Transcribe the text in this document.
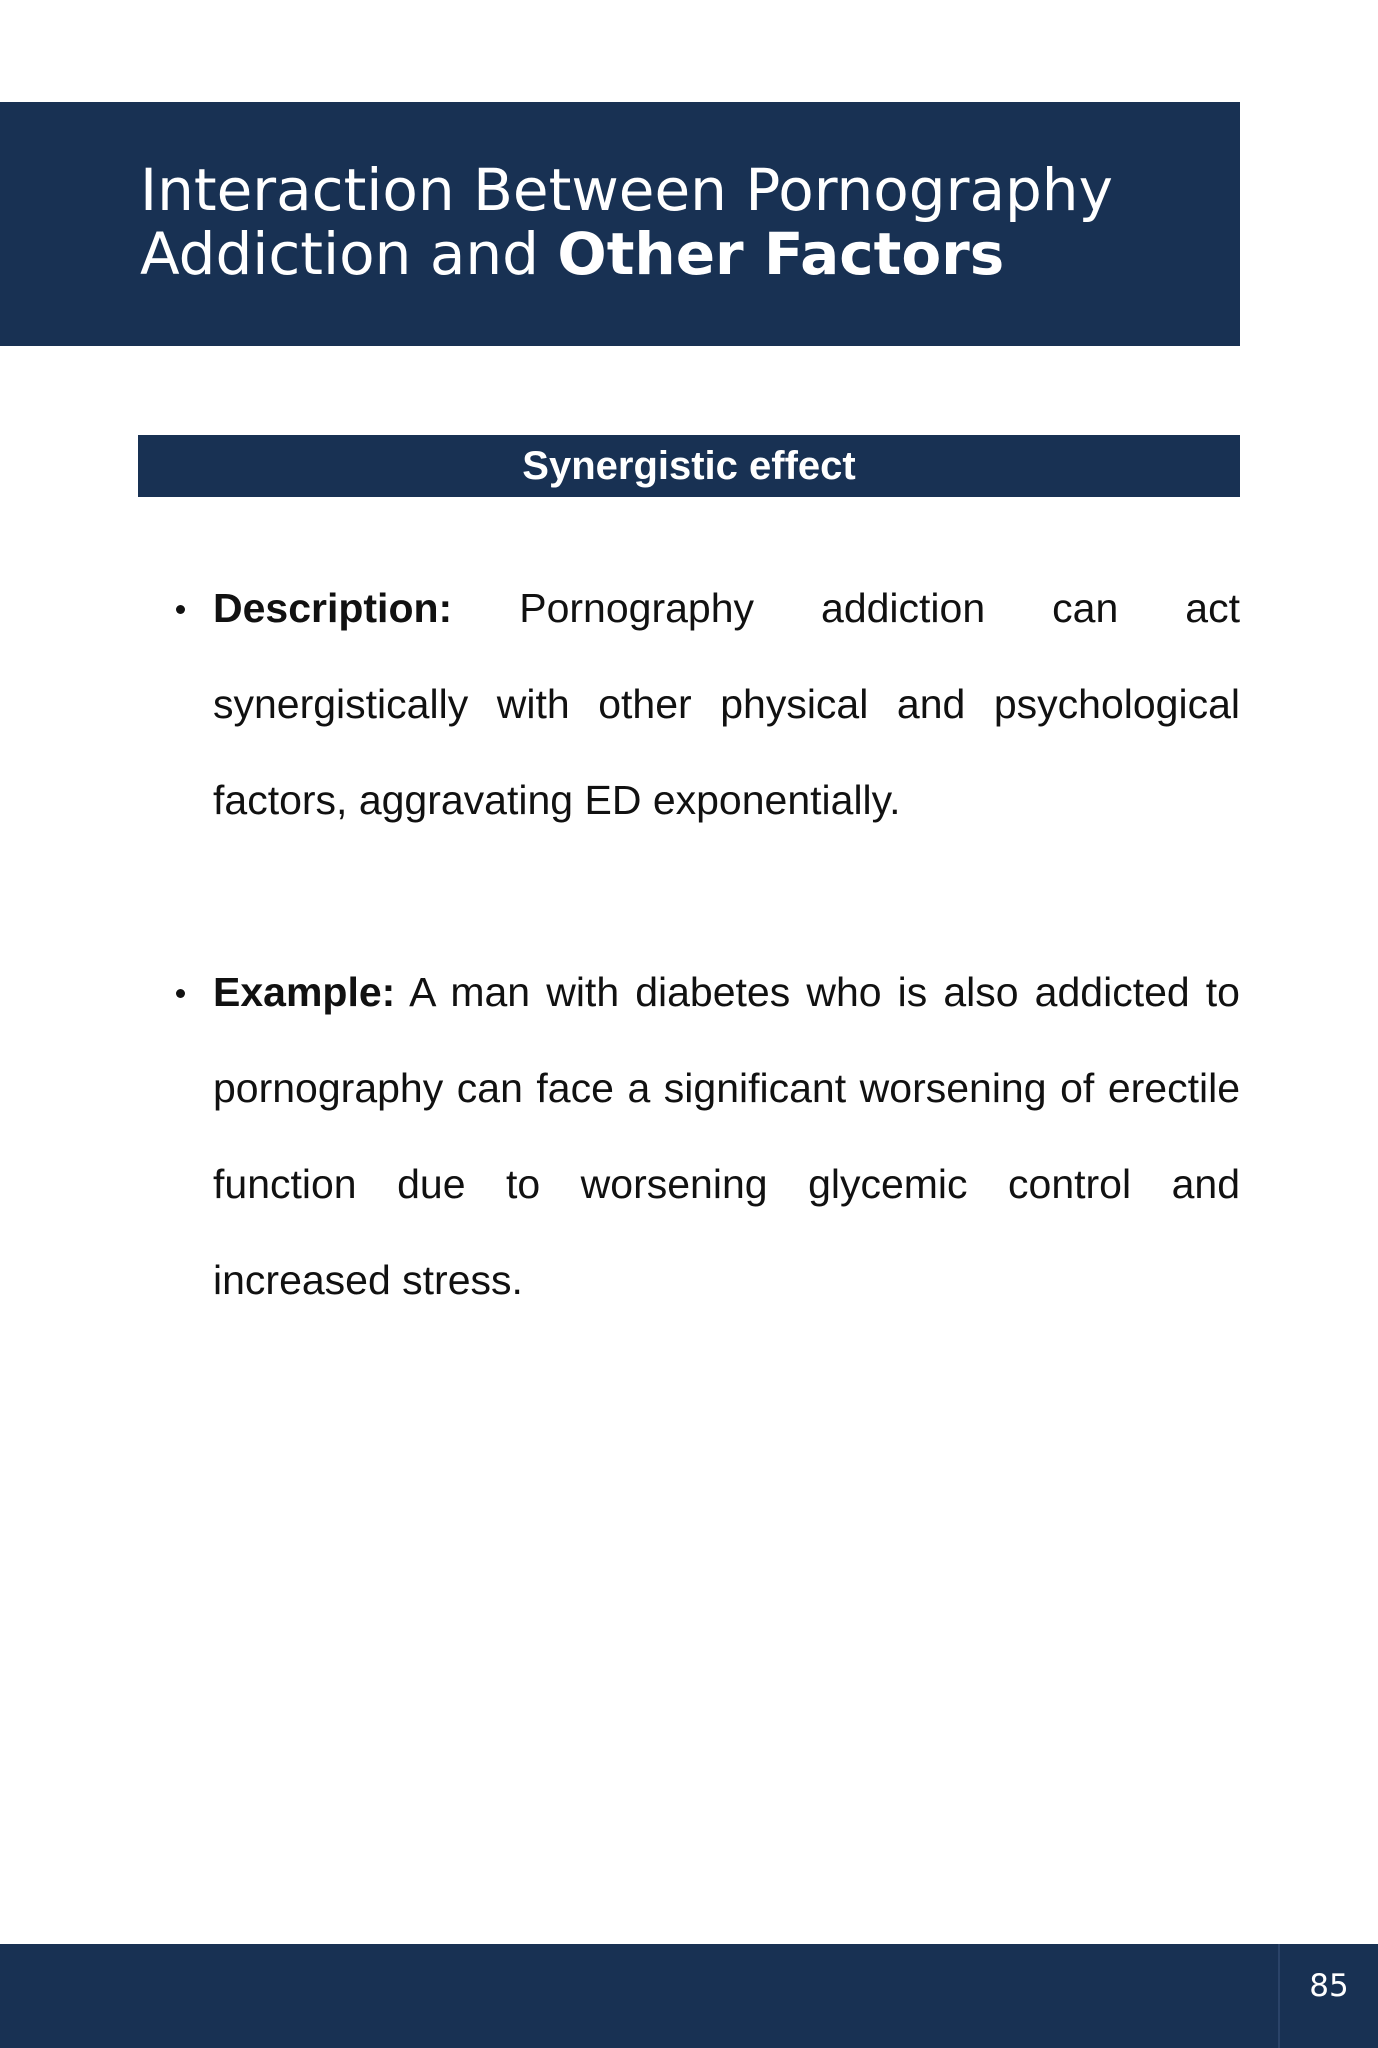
Interaction Between Pornography
Addiction and Other Factors
Synergistic effect
Description: Pornography addiction can act synergistically with other physical and psychological factors, aggravating ED exponentially.
Example: A man with diabetes who is also addicted to pornography can face a significant worsening of erectile function due to worsening glycemic control and increased stress.
85
